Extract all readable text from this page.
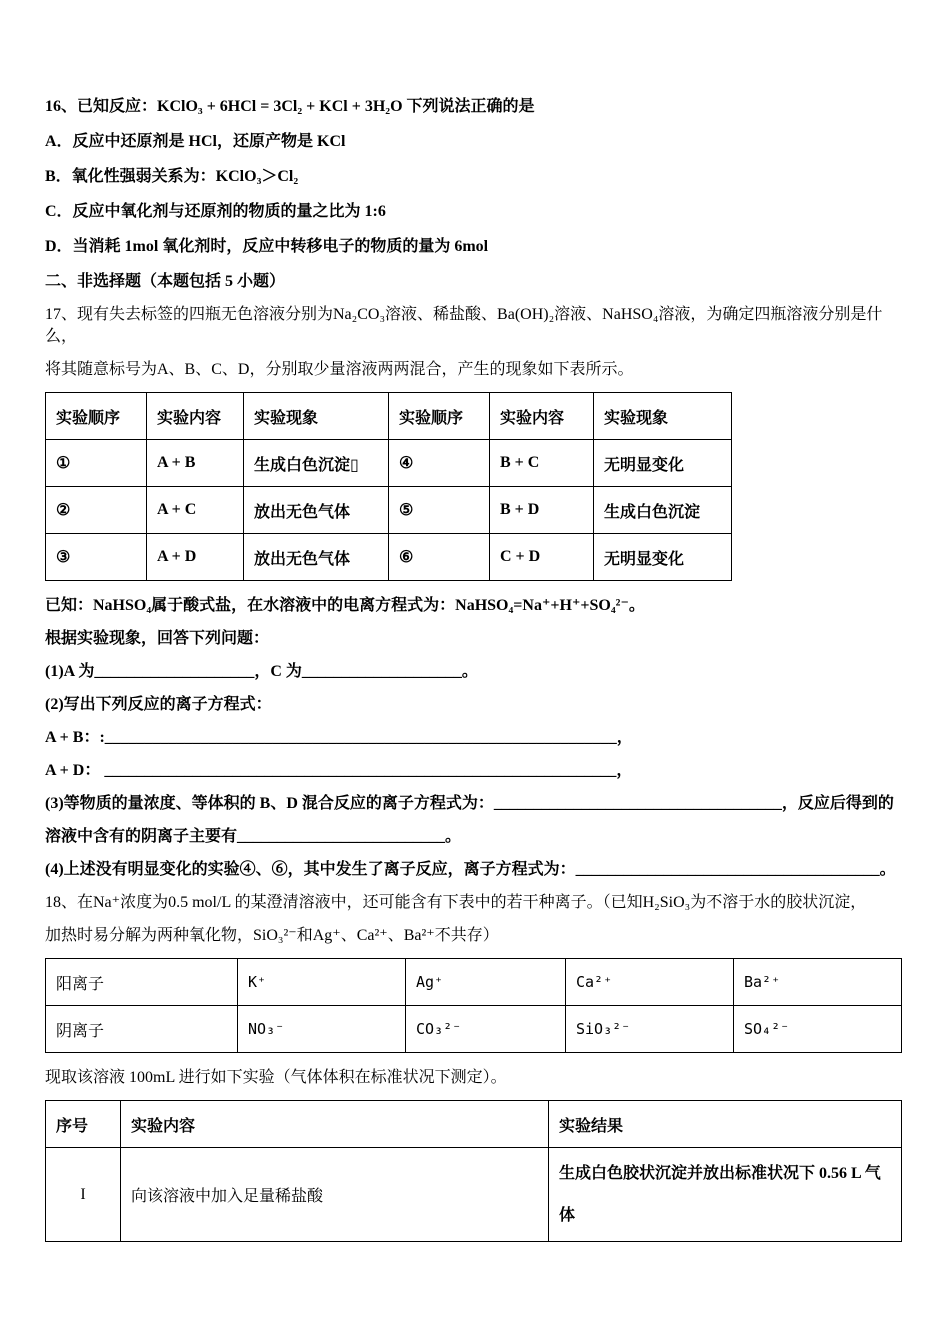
16、已知反应：KClO₃ + 6HCl = 3Cl₂ + KCl + 3H₂O 下列说法正确的是
A．反应中还原剂是 HCl，还原产物是 KCl
B．氧化性强弱关系为：KClO₃＞Cl₂
C．反应中氧化剂与还原剂的物质的量之比为 1:6
D．当消耗 1mol 氧化剂时，反应中转移电子的物质的量为 6mol
二、非选择题（本题包括 5 小题）
17、现有失去标签的四瓶无色溶液分别为Na₂CO₃溶液、稀盐酸、Ba(OH)₂溶液、NaHSO₄溶液，为确定四瓶溶液分别是什么，
将其随意标号为A、B、C、D，分别取少量溶液两两混合，产生的现象如下表所示。
实验顺序	实验内容	实验现象	实验顺序	实验内容	实验现象
①	A + B	生成白色沉淀▯	④	B + C	无明显变化
②	A + C	放出无色气体	⑤	B + D	生成白色沉淀
③	A + D	放出无色气体	⑥	C + D	无明显变化
已知：NaHSO₄属于酸式盐，在水溶液中的电离方程式为：NaHSO₄=Na⁺+H⁺+SO₄²⁻。
根据实验现象，回答下列问题：
(1)A 为____________________，C 为____________________。
(2)写出下列反应的离子方程式：
A + B：:________________________________________________________________，
A + D： ________________________________________________________________，
(3)等物质的量浓度、等体积的 B、D 混合反应的离子方程式为：____________________________________，反应后得到的
溶液中含有的阴离子主要有__________________________。
(4)上述没有明显变化的实验④、⑥，其中发生了离子反应，离子方程式为：______________________________________。
18、在Na⁺浓度为0.5 mol/L 的某澄清溶液中，还可能含有下表中的若干种离子。（已知H₂SiO₃为不溶于水的胶状沉淀，
加热时易分解为两种氧化物，SiO₃²⁻和Ag⁺、Ca²⁺、Ba²⁺不共存）
阳离子	K⁺	Ag⁺	Ca²⁺	Ba²⁺
阴离子	NO₃⁻	CO₃²⁻	SiO₃²⁻	SO₄²⁻
现取该溶液 100mL 进行如下实验（气体体积在标准状况下测定）。
序号	实验内容	实验结果
I	向该溶液中加入足量稀盐酸	生成白色胶状沉淀并放出标准状况下 0.56 L 气体
